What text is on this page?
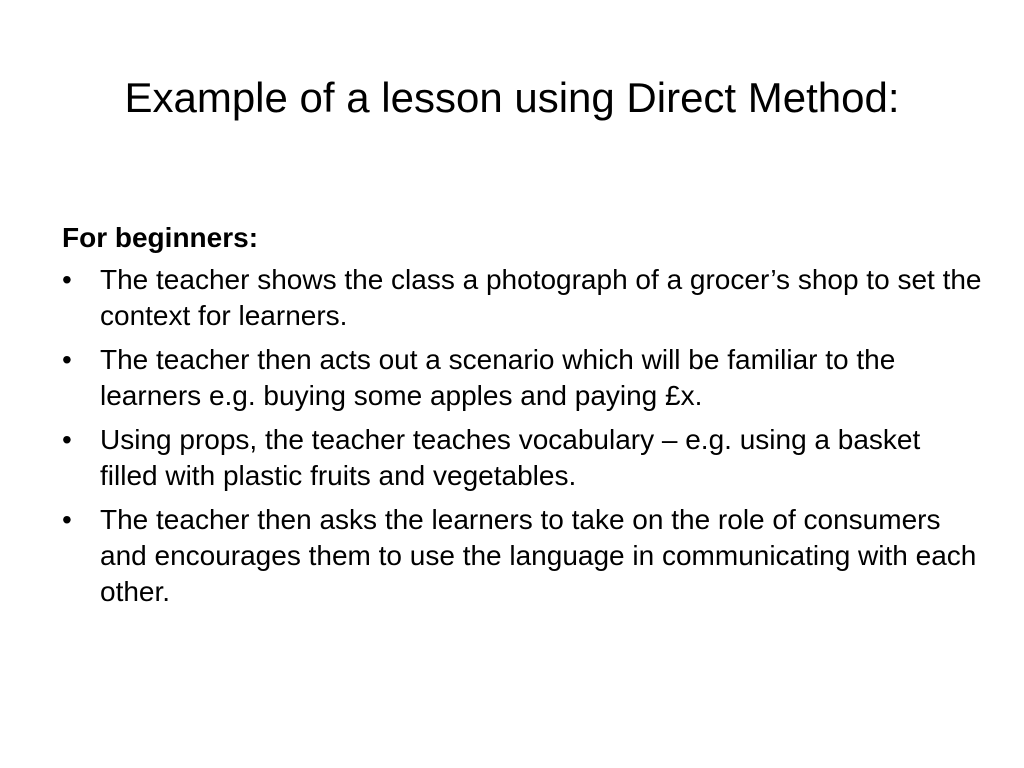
Example of a lesson using Direct Method:
For beginners:
•	The teacher shows the class a photograph of a grocer’s shop to set the context for learners.
•	The teacher then acts out a scenario which will be familiar to the learners e.g. buying some apples and paying £x.
•	Using props, the teacher teaches vocabulary – e.g. using a basket filled with plastic fruits and vegetables.
•	The teacher then asks the learners to take on the role of consumers and encourages them to use the language in communicating with each other.
